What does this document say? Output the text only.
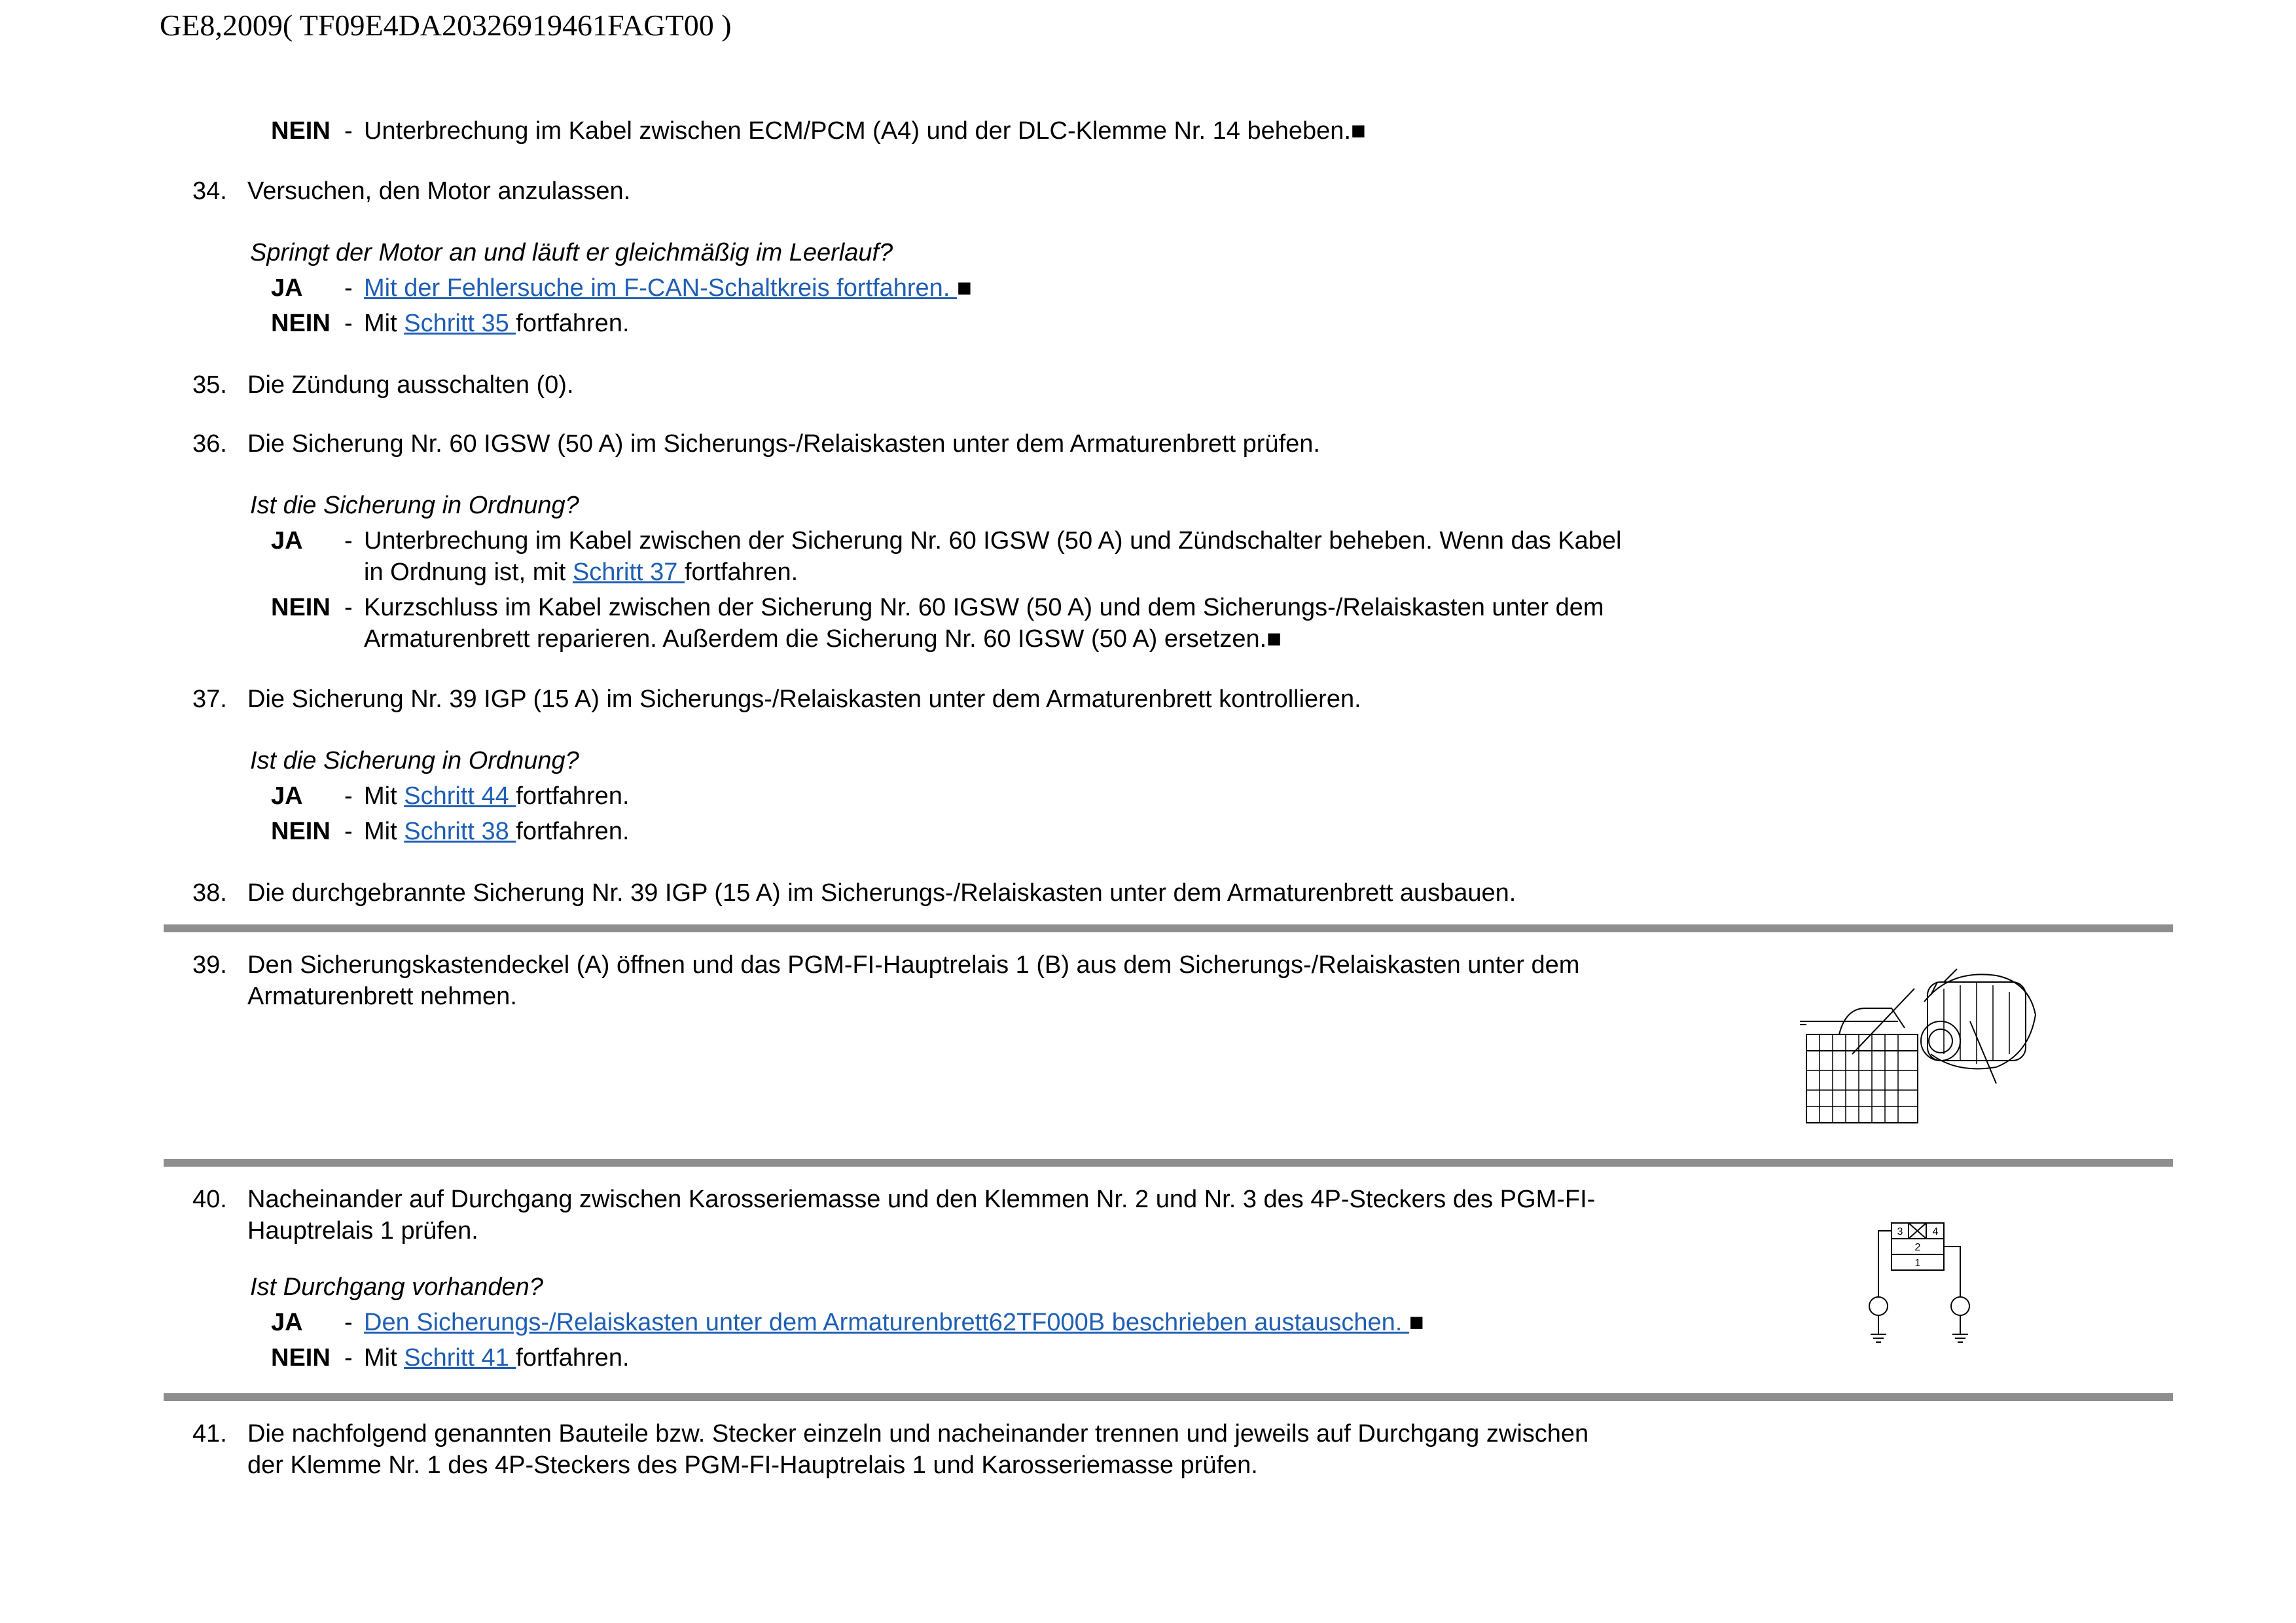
GE8,2009( TF09E4DA20326919461FAGT00 )
NEIN - Unterbrechung im Kabel zwischen ECM/PCM (A4) und der DLC-Klemme Nr. 14 beheben.■
34. Versuchen, den Motor anzulassen.
Springt der Motor an und läuft er gleichmäßig im Leerlauf?
JA - Mit der Fehlersuche im F-CAN-Schaltkreis fortfahren. ■
NEIN - Mit Schritt 35 fortfahren.
35. Die Zündung ausschalten (0).
36. Die Sicherung Nr. 60 IGSW (50 A) im Sicherungs-/Relaiskasten unter dem Armaturenbrett prüfen.
Ist die Sicherung in Ordnung?
JA - Unterbrechung im Kabel zwischen der Sicherung Nr. 60 IGSW (50 A) und Zündschalter beheben. Wenn das Kabel
in Ordnung ist, mit Schritt 37 fortfahren.
NEIN - Kurzschluss im Kabel zwischen der Sicherung Nr. 60 IGSW (50 A) und dem Sicherungs-/Relaiskasten unter dem
Armaturenbrett reparieren. Außerdem die Sicherung Nr. 60 IGSW (50 A) ersetzen.■
37. Die Sicherung Nr. 39 IGP (15 A) im Sicherungs-/Relaiskasten unter dem Armaturenbrett kontrollieren.
Ist die Sicherung in Ordnung?
JA - Mit Schritt 44 fortfahren.
NEIN - Mit Schritt 38 fortfahren.
38. Die durchgebrannte Sicherung Nr. 39 IGP (15 A) im Sicherungs-/Relaiskasten unter dem Armaturenbrett ausbauen.
39. Den Sicherungskastendeckel (A) öffnen und das PGM-FI-Hauptrelais 1 (B) aus dem Sicherungs-/Relaiskasten unter dem
Armaturenbrett nehmen.
40. Nacheinander auf Durchgang zwischen Karosseriemasse und den Klemmen Nr. 2 und Nr. 3 des 4P-Steckers des PGM-FI-
Hauptrelais 1 prüfen.
Ist Durchgang vorhanden?
JA - Den Sicherungs-/Relaiskasten unter dem Armaturenbrett62TF000B beschrieben austauschen. ■
NEIN - Mit Schritt 41 fortfahren.
3	4
2
1
41. Die nachfolgend genannten Bauteile bzw. Stecker einzeln und nacheinander trennen und jeweils auf Durchgang zwischen
der Klemme Nr. 1 des 4P-Steckers des PGM-FI-Hauptrelais 1 und Karosseriemasse prüfen.
